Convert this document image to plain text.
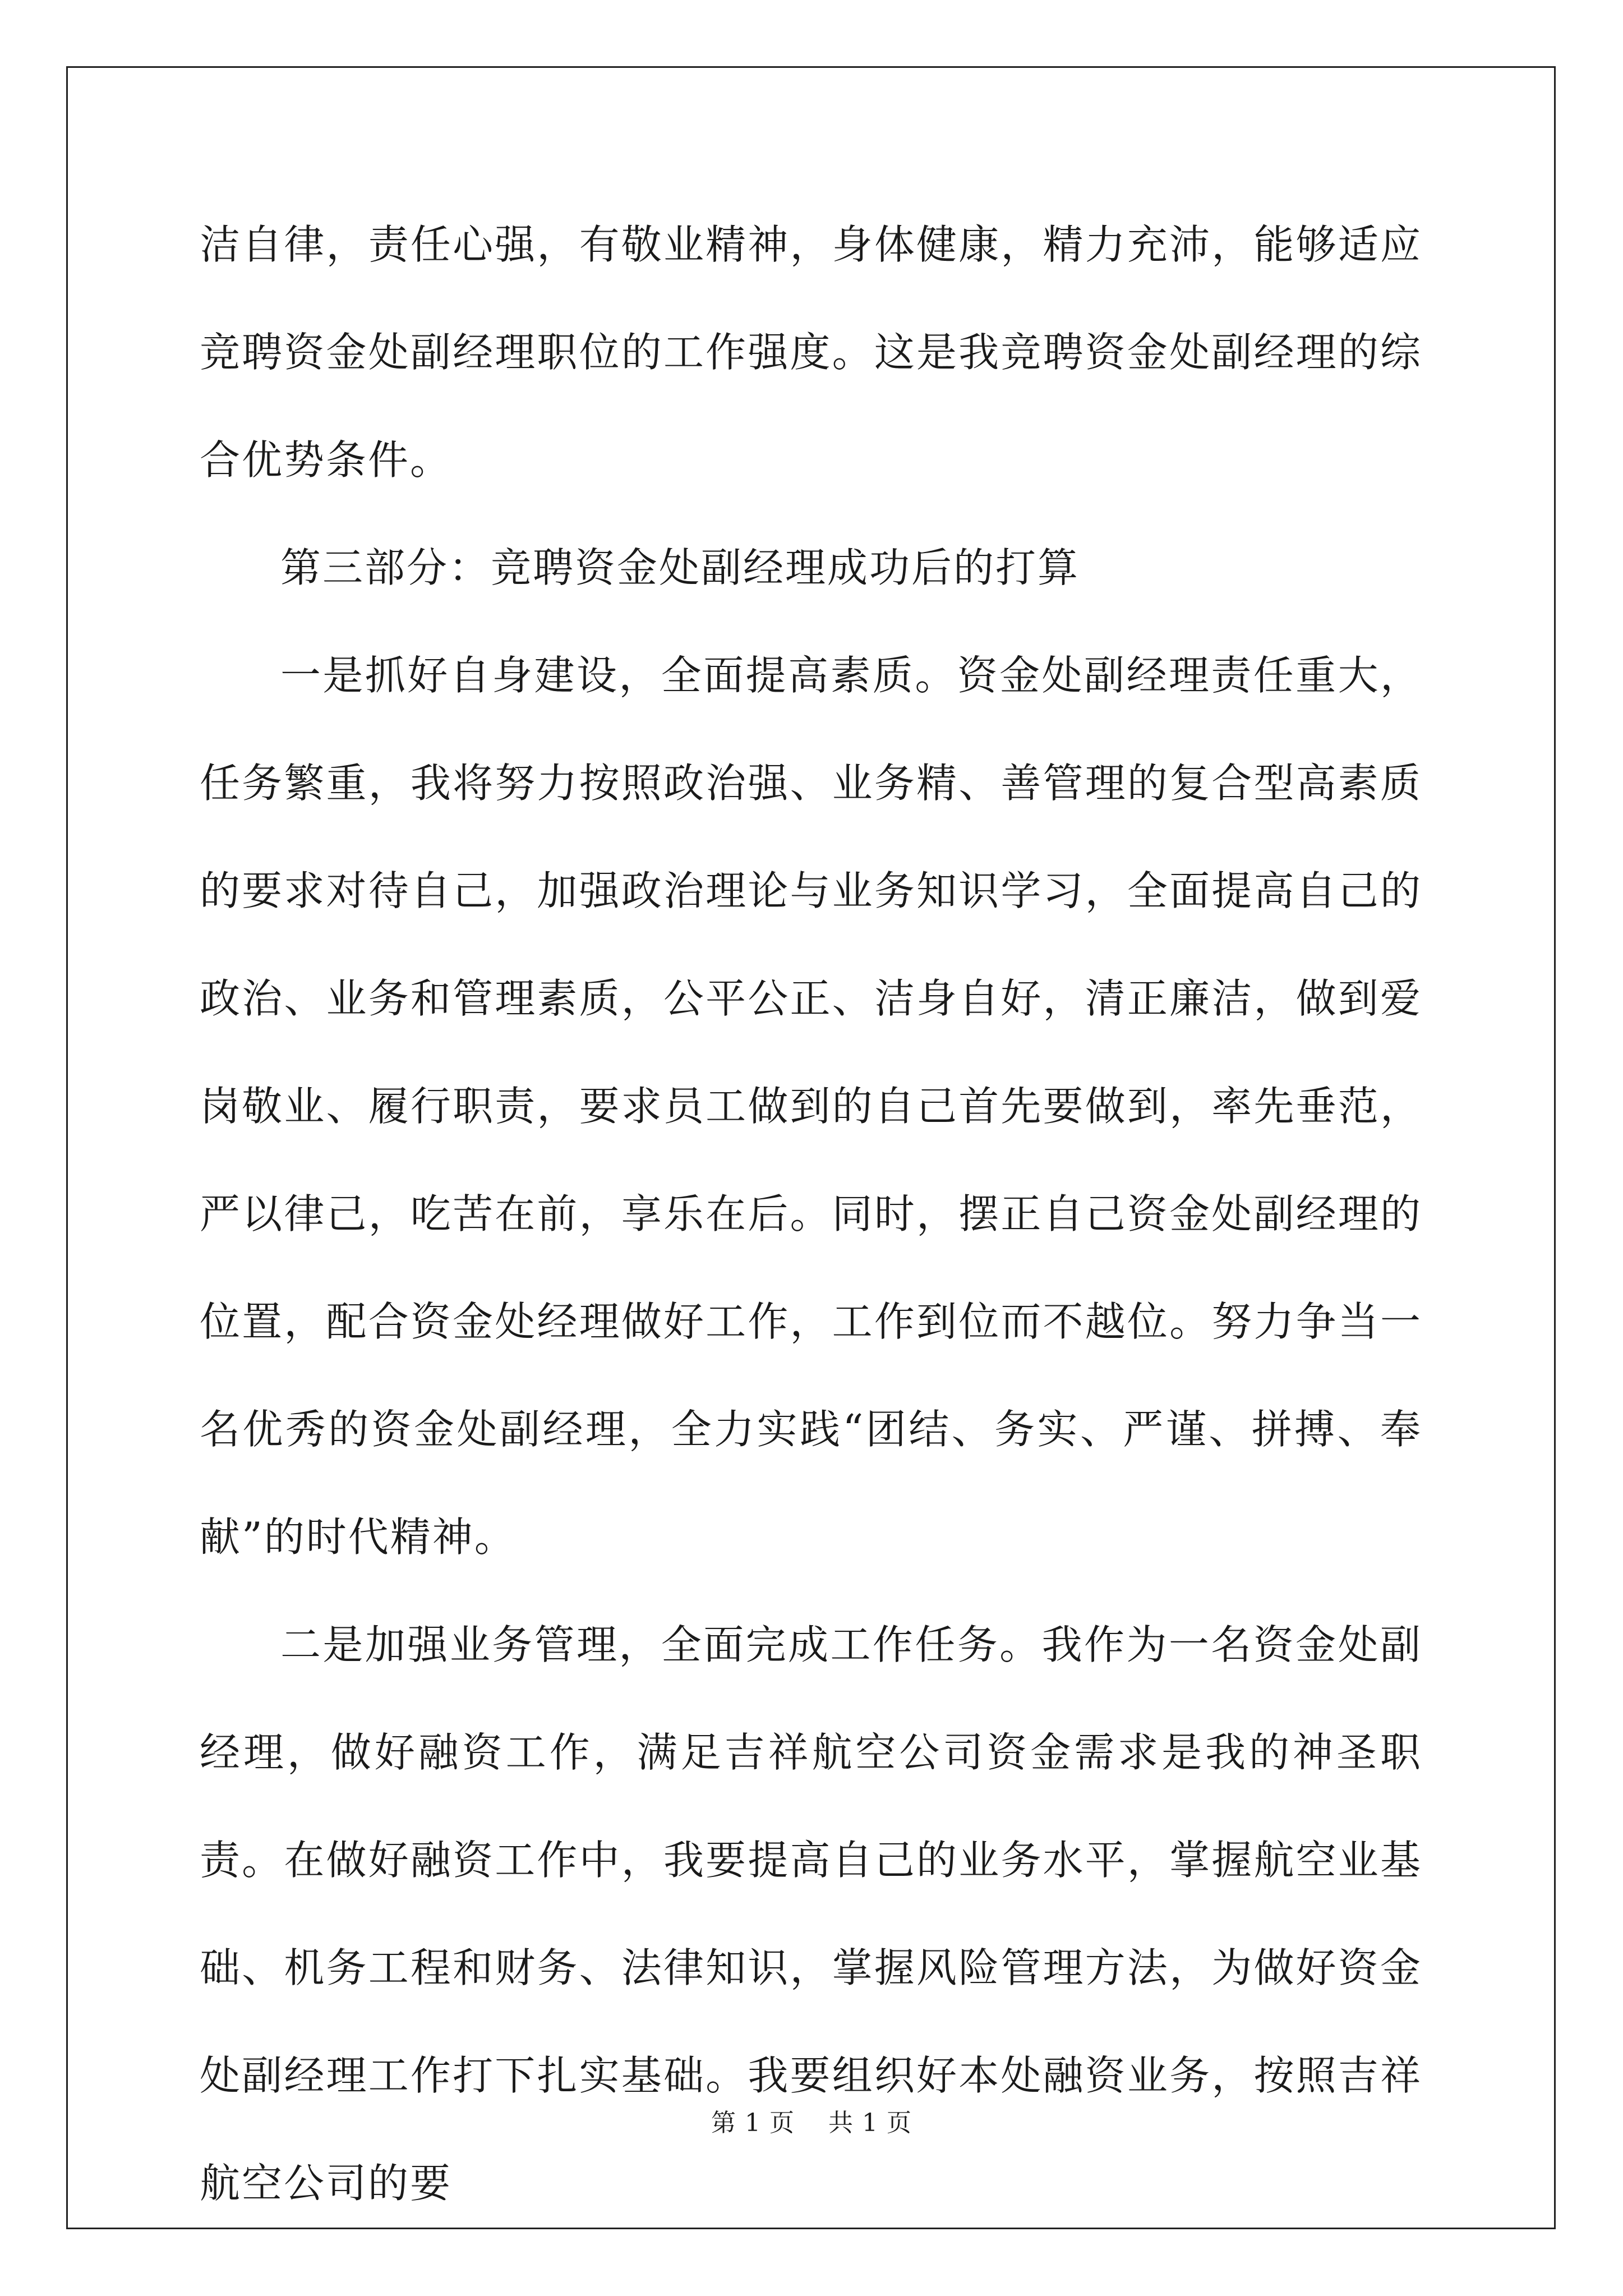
洁自律，责任心强，有敬业精神，身体健康，精力充沛，能够适应竞聘资金处副经理职位的工作强度。这是我竞聘资金处副经理的综合优势条件。

第三部分：竞聘资金处副经理成功后的打算

一是抓好自身建设，全面提高素质。资金处副经理责任重大，任务繁重，我将努力按照政治强、业务精、善管理的复合型高素质的要求对待自己，加强政治理论与业务知识学习，全面提高自己的政治、业务和管理素质，公平公正、洁身自好，清正廉洁，做到爱岗敬业、履行职责，要求员工做到的自己首先要做到，率先垂范，严以律己，吃苦在前，享乐在后。同时，摆正自己资金处副经理的位置，配合资金处经理做好工作，工作到位而不越位。努力争当一名优秀的资金处副经理，全力实践“团结、务实、严谨、拼搏、奉献”的时代精神。

二是加强业务管理，全面完成工作任务。我作为一名资金处副经理，做好融资工作，满足吉祥航空公司资金需求是我的神圣职责。在做好融资工作中，我要提高自己的业务水平，掌握航空业基础、机务工程和财务、法律知识，掌握风险管理方法，为做好资金处副经理工作打下扎实基础。我要组织好本处融资业务，按照吉祥航空公司的要

第 1 页 共 1 页
